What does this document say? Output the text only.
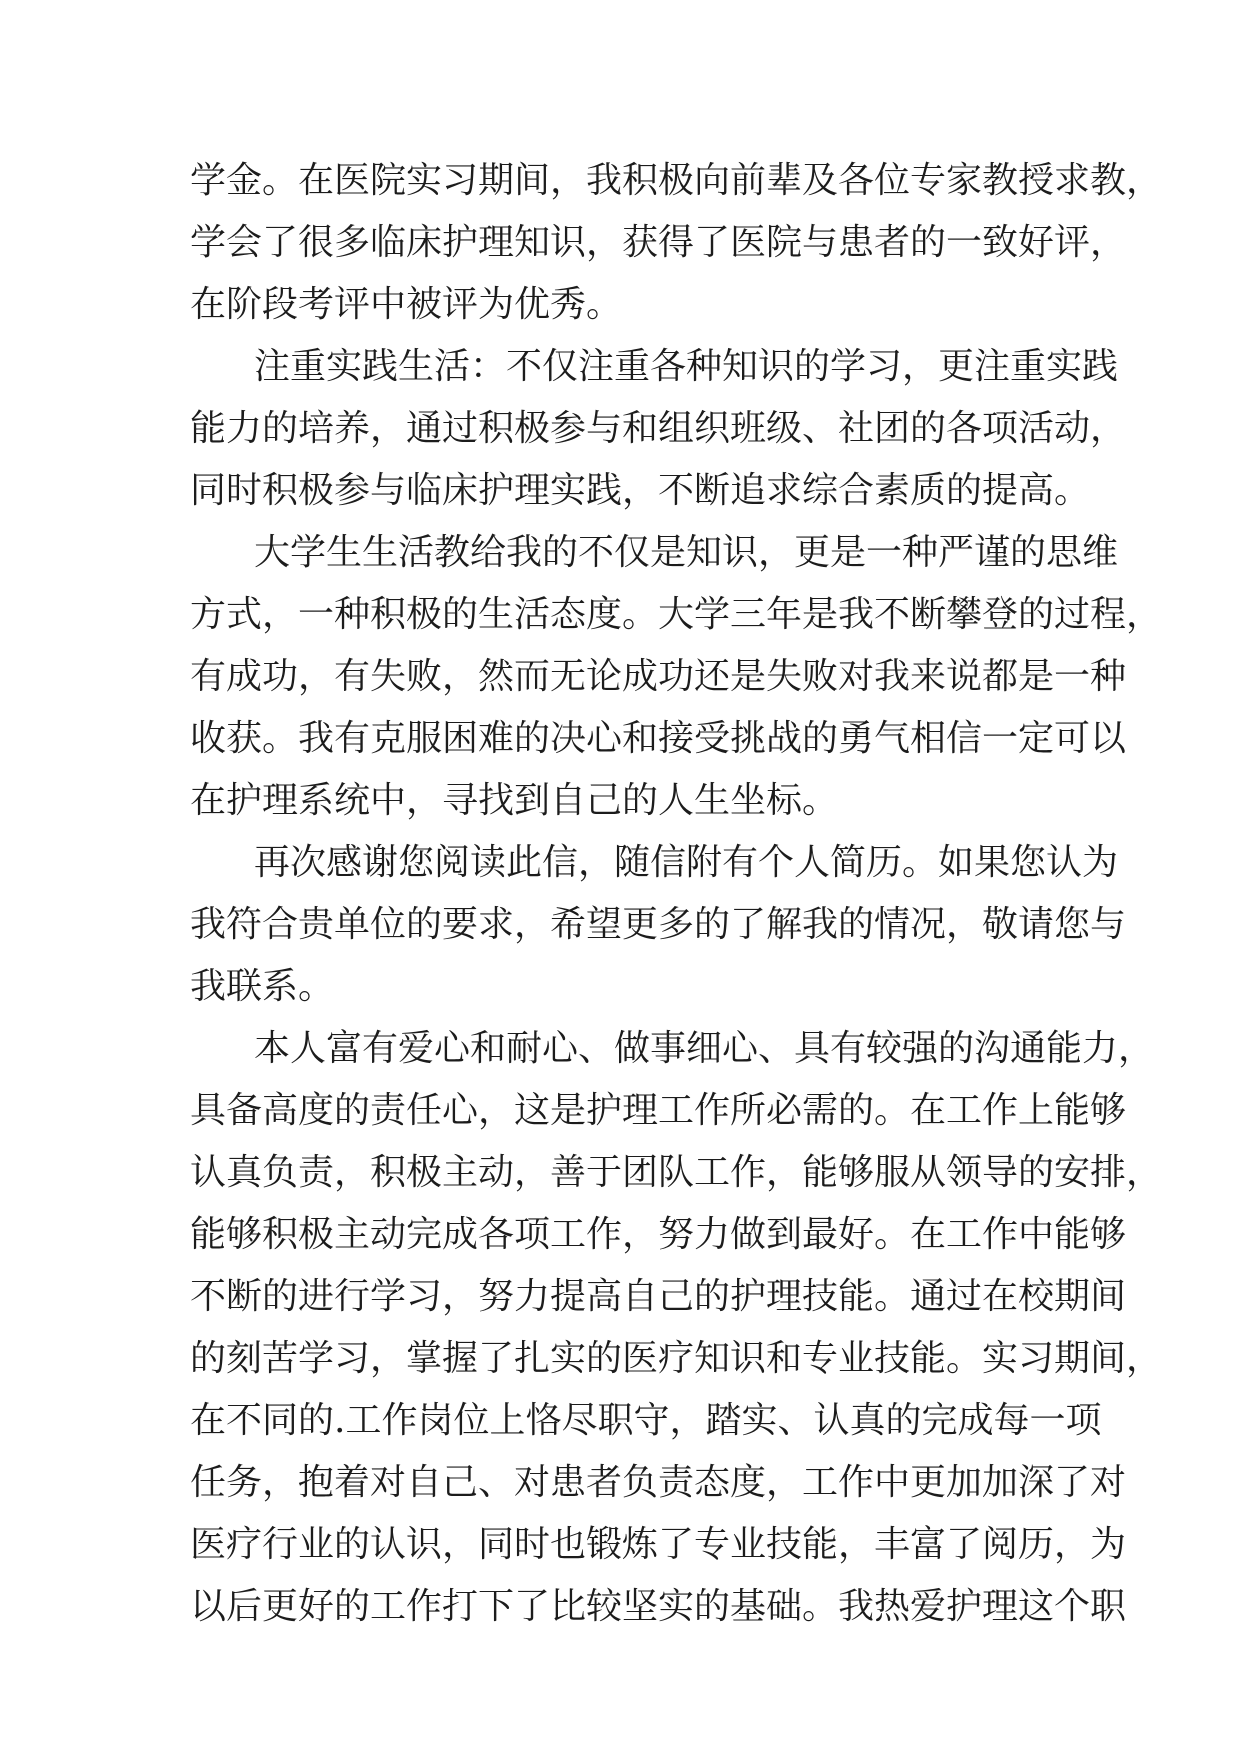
学金。在医院实习期间，我积极向前辈及各位专家教授求教，
学会了很多临床护理知识，获得了医院与患者的一致好评，
在阶段考评中被评为优秀。
注重实践生活：不仅注重各种知识的学习，更注重实践
能力的培养，通过积极参与和组织班级、社团的各项活动，
同时积极参与临床护理实践，不断追求综合素质的提高。
大学生生活教给我的不仅是知识，更是一种严谨的思维
方式，一种积极的生活态度。大学三年是我不断攀登的过程，
有成功，有失败，然而无论成功还是失败对我来说都是一种
收获。我有克服困难的决心和接受挑战的勇气相信一定可以
在护理系统中，寻找到自己的人生坐标。
再次感谢您阅读此信，随信附有个人简历。如果您认为
我符合贵单位的要求，希望更多的了解我的情况，敬请您与
我联系。
本人富有爱心和耐心、做事细心、具有较强的沟通能力，
具备高度的责任心，这是护理工作所必需的。在工作上能够
认真负责，积极主动，善于团队工作，能够服从领导的安排，
能够积极主动完成各项工作，努力做到最好。在工作中能够
不断的进行学习，努力提高自己的护理技能。通过在校期间
的刻苦学习，掌握了扎实的医疗知识和专业技能。实习期间，
在不同的.工作岗位上恪尽职守，踏实、认真的完成每一项
任务，抱着对自己、对患者负责态度，工作中更加加深了对
医疗行业的认识，同时也锻炼了专业技能，丰富了阅历，为
以后更好的工作打下了比较坚实的基础。我热爱护理这个职
